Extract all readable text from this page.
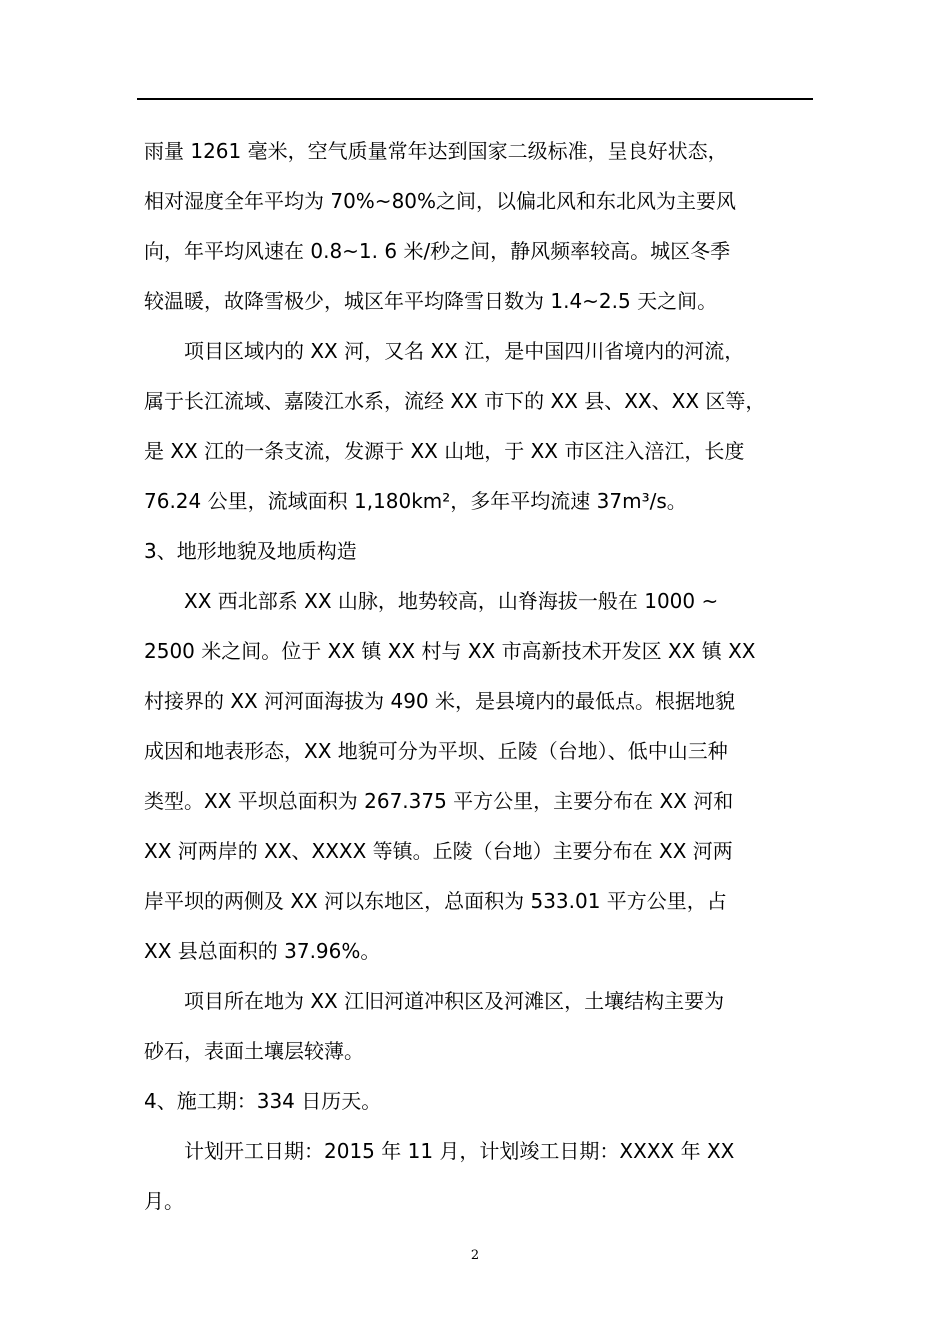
雨量 1261 毫米，空气质量常年达到国家二级标准，呈良好状态，
相对湿度全年平均为 70%~80%之间，以偏北风和东北风为主要风
向，年平均风速在 0.8~1. 6 米/秒之间，静风频率较高。城区冬季
较温暖，故降雪极少，城区年平均降雪日数为 1.4~2.5 天之间。
　　项目区域内的 XX 河，又名 XX 江，是中国四川省境内的河流，
属于长江流域、嘉陵江水系，流经 XX 市下的 XX 县、XX、XX 区等，
是 XX 江的一条支流，发源于 XX 山地，于 XX 市区注入涪江，长度
76.24 公里，流域面积 1,180km²，多年平均流速 37m³/s。
3、地形地貌及地质构造
　　XX 西北部系 XX 山脉，地势较高，山脊海拔一般在 1000 ~
2500 米之间。位于 XX 镇 XX 村与 XX 市高新技术开发区 XX 镇 XX
村接界的 XX 河河面海拔为 490 米，是县境内的最低点。根据地貌
成因和地表形态，XX 地貌可分为平坝、丘陵（台地）、低中山三种
类型。XX 平坝总面积为 267.375 平方公里，主要分布在 XX 河和
XX 河两岸的 XX、XXXX 等镇。丘陵（台地）主要分布在 XX 河两
岸平坝的两侧及 XX 河以东地区，总面积为 533.01 平方公里，占
XX 县总面积的 37.96%。
　　项目所在地为 XX 江旧河道冲积区及河滩区，土壤结构主要为
砂石，表面土壤层较薄。
4、施工期：334 日历天。
　　计划开工日期：2015 年 11 月，计划竣工日期：XXXX 年 XX
月。
2
